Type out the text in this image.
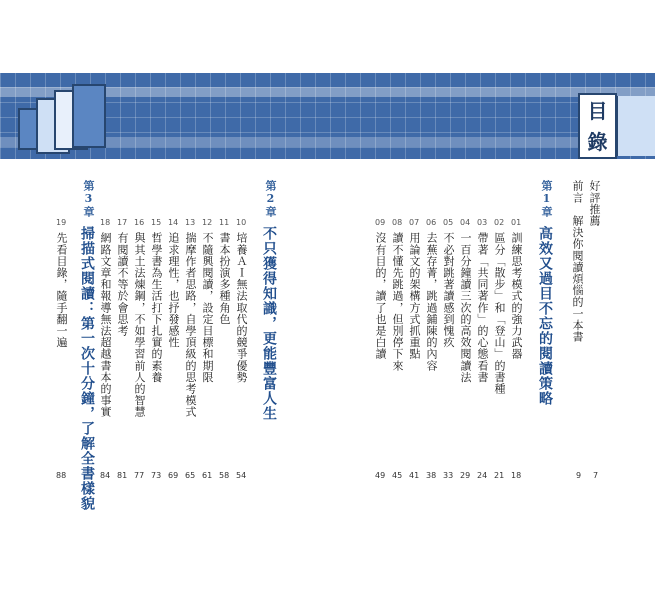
目
錄
好評推薦
7
前言　解決你閱讀煩惱的一本書
9
第1章
高效又過目不忘的閱讀策略
01
訓練思考模式的強力武器
18
02
區分「散步」和「登山」的書種
21
03
帶著「共同著作」的心態看書
24
04
一百分鐘讀三次的高效閱讀法
29
05
不必對跳著讀感到愧疚
33
06
去蕪存菁，跳過鋪陳的內容
38
07
用論文的架構方式抓重點
41
08
讀不懂先跳過，但別停下來
45
09
沒有目的，讀了也是白讀
49
第2章
不只獲得知識，更能豐富人生
10
培養ＡＩ無法取代的競爭優勢
54
11
書本扮演多種角色
58
12
不隨興閱讀，設定目標和期限
61
13
揣摩作者思路，自學頂級的思考模式
65
14
追求理性，也抒發感性
69
15
哲學書為生活打下扎實的素養
73
16
與其土法煉鋼，不如學習前人的智慧
77
17
有閱讀不等於會思考
81
18
網路文章和報導無法超越書本的事實
84
第3章
掃描式閱讀：第一次十分鐘，了解全書樣貌
19
先看目錄，隨手翻一遍
88
